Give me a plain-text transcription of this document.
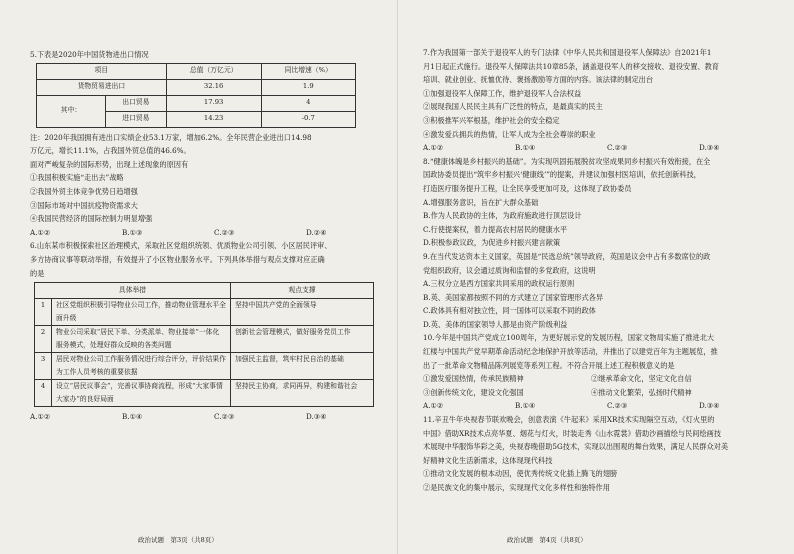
5.下表是2020年中国货物进出口情况
项目		总值（万亿元）	同比增速（%）
货物贸易进出口		32.16	1.9
其中：	出口贸易	17.93	4
	进口贸易	14.23	-0.7
注：2020年我国拥有进出口实绩企业53.1万家，增加6.2%。全年民营企业进出口14.98
万亿元，增长11.1%，占我国外贸总值的46.6%。
面对严峻复杂的国际形势，出现上述现象的原因有
①我国积极实施“走出去”战略
②我国外贸主体竞争优势日趋增强
③国际市场对中国抗疫物资需求大
④我国民营经济的国际控制力明显增强
A.①②	B.①③	C.②③	D.②④
6.山东某市积极探索社区治理模式，采取社区党组织统领、优质物业公司引领、小区居民评审、
多方协商议事等联动举措，有效提升了小区物业服务水平。下列具体举措与观点支撑对应正确
的是
具体举措		观点支撑
1	社区党组织积极引导物业公司工作，推动物业管理水平全面升级	坚持中国共产党的全面领导
2	物业公司采取“居民下单、分类派单、物业接单”一体化服务模式，处理好群众反映的各类问题	创新社会管理模式，做好服务党员工作
3	居民对物业公司工作服务情况进行综合评分，评价结果作为工作人员考核的重要依据	加强民主监督，筑牢村民自治的基础
4	设立“居民议事会”，完善议事协商流程，形成“大家事情大家办”的良好局面	坚持民主协商，求同再异，构建和谐社会
A.①②	B.①④	C.②③	D.③④
政治试题　第3页（共8页）
7.作为我国第一部关于退役军人的专门法律《中华人民共和国退役军人保障法》自2021年1
月1日起正式施行。退役军人保障法共10章85条，涵盖退役军人的移交接收、退役安置、教育
培训、就业创业、抚恤优待、褒扬激励等方面的内容。该法律的制定出台
①加强退役军人保障工作，维护退役军人合法权益
②展现我国人民民主具有广泛性的特点，是最真实的民主
③积极推军兴军根基，维护社会的安全稳定
④激发爱兵拥兵的热情，让军人成为全社会尊崇的职业
A.①②	B.①④	C.②③	D.③④
8.“健康体魄是乡村振兴的基础”。为实现巩固拓展脱贫攻坚成果同乡村振兴有效衔接，在全
国政协委员提出“筑牢乡村振兴‘健康线’”的提案，并建议加强村医培训，依托创新科技，
打造医疗服务提升工程，让全民享受更加可及，这体现了政协委员
A.增强服务意识，旨在扩大群众基础
B.作为人民政协的主体，为政府施政进行顶层设计
C.行使提案权，着力提高农村居民的健康水平
D.积极参政议政，为促进乡村振兴建言献策
9.在当代发达资本主义国家，英国是“民选总统”领导政府，英国是议会中占有多数席位的政
党组织政府，议会通过质询和监督的多党政府，这说明
A.三权分立是西方国家共同采用的政权运行原则
B.英、美国家都按照不同的方式建立了国家管理形式各异
C.政体具有相对独立性，同一国体可以采取不同的政体
D.英、美体的国家领导人都是由资产阶级利益
10.今年是中国共产党成立100周年，为更好展示党的发展历程，国家文物局实施了推进北大
红楼与中国共产党早期革命活动纪念地保护开放等活动，并推出了以建党百年为主题展览，推
出了一批革命文物精品陈列展览等系列工程。不符合开展上述工程积极意义的是
①激发爱国热情，传承民族精神	②继承革命文化，坚定文化自信
③创新传统文化，建设文化强国	④推动文化繁荣，弘扬时代精神
A.①②	B.①④	C.②③	D.③④
11.辛丑牛年央视春节联欢晚会，创意表演《牛起来》采用XR技术实现隔空互动，《灯火里的
中国》借助XR技术点亮华夏、烟花与灯火，时装走秀《山水霓裳》借助沙画描绘与民间绘画技
术展现中华服饰华彩之美，央视春晚借助5G技术，实现以出围观的舞台效果，满足人民群众对美
好精神文化生活新需求，这体现现代科技
①推动文化发展的根本动因，使优秀传统文化插上腾飞的翅膀
②是民族文化的集中展示，实现现代文化多样性和独特作用
政治试题　第4页（共8页）
